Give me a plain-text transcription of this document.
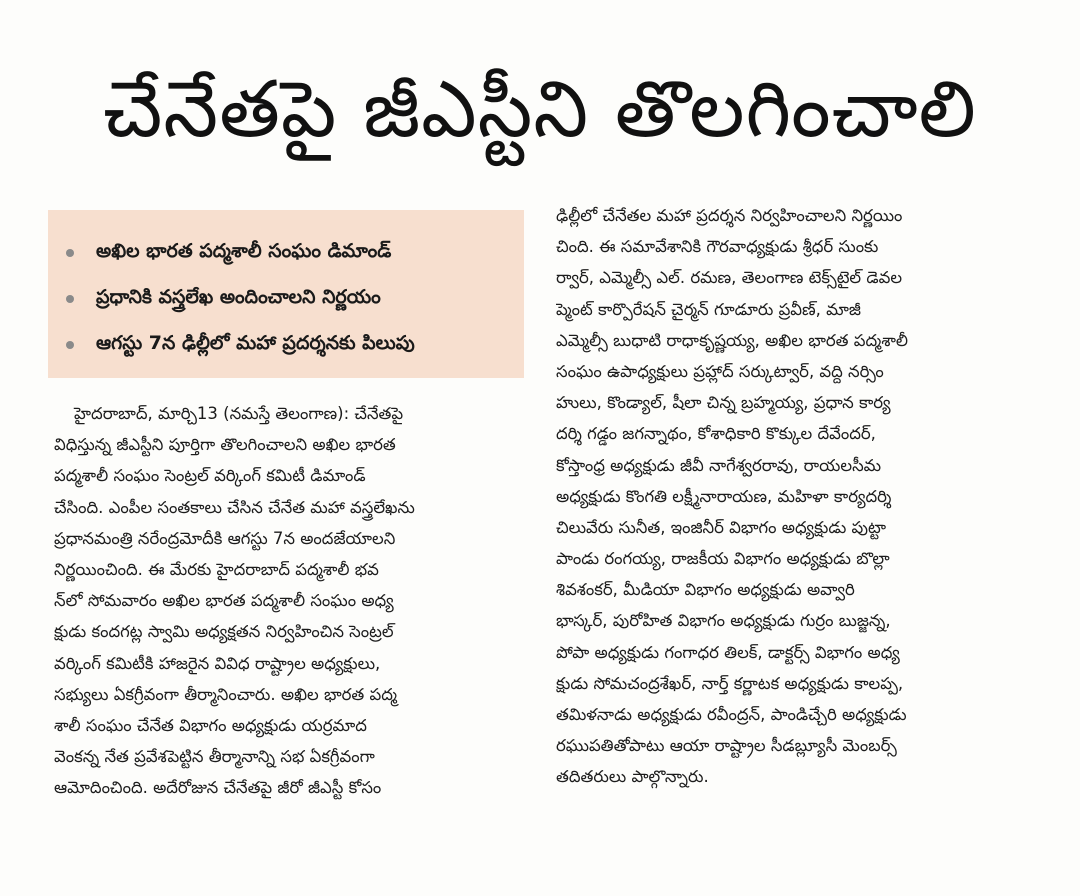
చేనేతపై జీఎస్టీని తొలగించాలి
అఖిల భారత పద్మశాలీ సంఘం డిమాండ్
ప్రధానికి వస్త్రలేఖ అందించాలని నిర్ణయం
ఆగస్టు 7న ఢిల్లీలో మహా ప్రదర్శనకు పిలుపు
హైదరాబాద్, మార్చి13 (నమస్తే తెలంగాణ): చేనేతపై
విధిస్తున్న జీఎస్టీని పూర్తిగా తొలగించాలని అఖిల భారత
పద్మశాలీ సంఘం సెంట్రల్ వర్కింగ్ కమిటీ డిమాండ్
చేసింది. ఎంపీల సంతకాలు చేసిన చేనేత మహా వస్త్రలేఖను
ప్రధానమంత్రి నరేంద్రమోదీకి ఆగస్టు 7న అందజేయాలని
నిర్ణయించింది. ఈ మేరకు హైదరాబాద్ పద్మశాలీ భవ
న్‌లో సోమవారం అఖిల భారత పద్మశాలీ సంఘం అధ్య
క్షుడు కందగట్ల స్వామి అధ్యక్షతన నిర్వహించిన సెంట్రల్
వర్కింగ్ కమిటీకి హాజరైన వివిధ రాష్ట్రాల అధ్యక్షులు,
సభ్యులు ఏకగ్రీవంగా తీర్మానించారు. అఖిల భారత పద్మ
శాలీ సంఘం చేనేత విభాగం అధ్యక్షుడు యర్రమాద
వెంకన్న నేత ప్రవేశపెట్టిన తీర్మానాన్ని సభ ఏకగ్రీవంగా
ఆమోదించింది. అదేరోజున చేనేతపై జీరో జీఎస్టీ కోసం
ఢిల్లీలో చేనేతల మహా ప్రదర్శన నిర్వహించాలని నిర్ణయిం
చింది. ఈ సమావేశానికి గౌరవాధ్యక్షుడు శ్రీధర్ సుంకు
ర్వార్, ఎమ్మెల్సీ ఎల్. రమణ, తెలంగాణ టెక్స్‌టైల్ డెవల
ప్మెంట్ కార్పొరేషన్ చైర్మన్ గూడూరు ప్రవీణ్, మాజీ
ఎమ్మెల్సీ బుధాటి రాధాకృష్ణయ్య, అఖిల భారత పద్మశాలీ
సంఘం ఉపాధ్యక్షులు ప్రహ్లాద్ సర్కుట్వార్, వద్ది నర్సిం
హులు, కొండ్యాల్, షీలా చిన్న బ్రహ్మయ్య, ప్రధాన కార్య
దర్శి గడ్డం జగన్నాథం, కోశాధికారి కొక్కుల దేవేందర్,
కోస్తాంధ్ర అధ్యక్షుడు జీవీ నాగేశ్వరరావు, రాయలసీమ
అధ్యక్షుడు కొంగతి లక్ష్మీనారాయణ, మహిళా కార్యదర్శి
చిలువేరు సునీత, ఇంజినీర్ విభాగం అధ్యక్షుడు పుట్టా
పాండు రంగయ్య, రాజకీయ విభాగం అధ్యక్షుడు బొల్లా
శివశంకర్, మీడియా విభాగం అధ్యక్షుడు అవ్వారి
భాస్కర్, పురోహిత విభాగం అధ్యక్షుడు గుర్రం బుజ్జన్న,
పోపా అధ్యక్షుడు గంగాధర తిలక్, డాక్టర్స్ విభాగం అధ్య
క్షుడు సోమచంద్రశేఖర్, నార్త్ కర్ణాటక అధ్యక్షుడు కాలప్ప,
తమిళనాడు అధ్యక్షుడు రవీంద్రన్, పాండిచ్చేరి అధ్యక్షుడు
రఘుపతితోపాటు ఆయా రాష్ట్రాల సీడబ్ల్యూసీ మెంబర్స్
తదితరులు పాల్గొన్నారు.
